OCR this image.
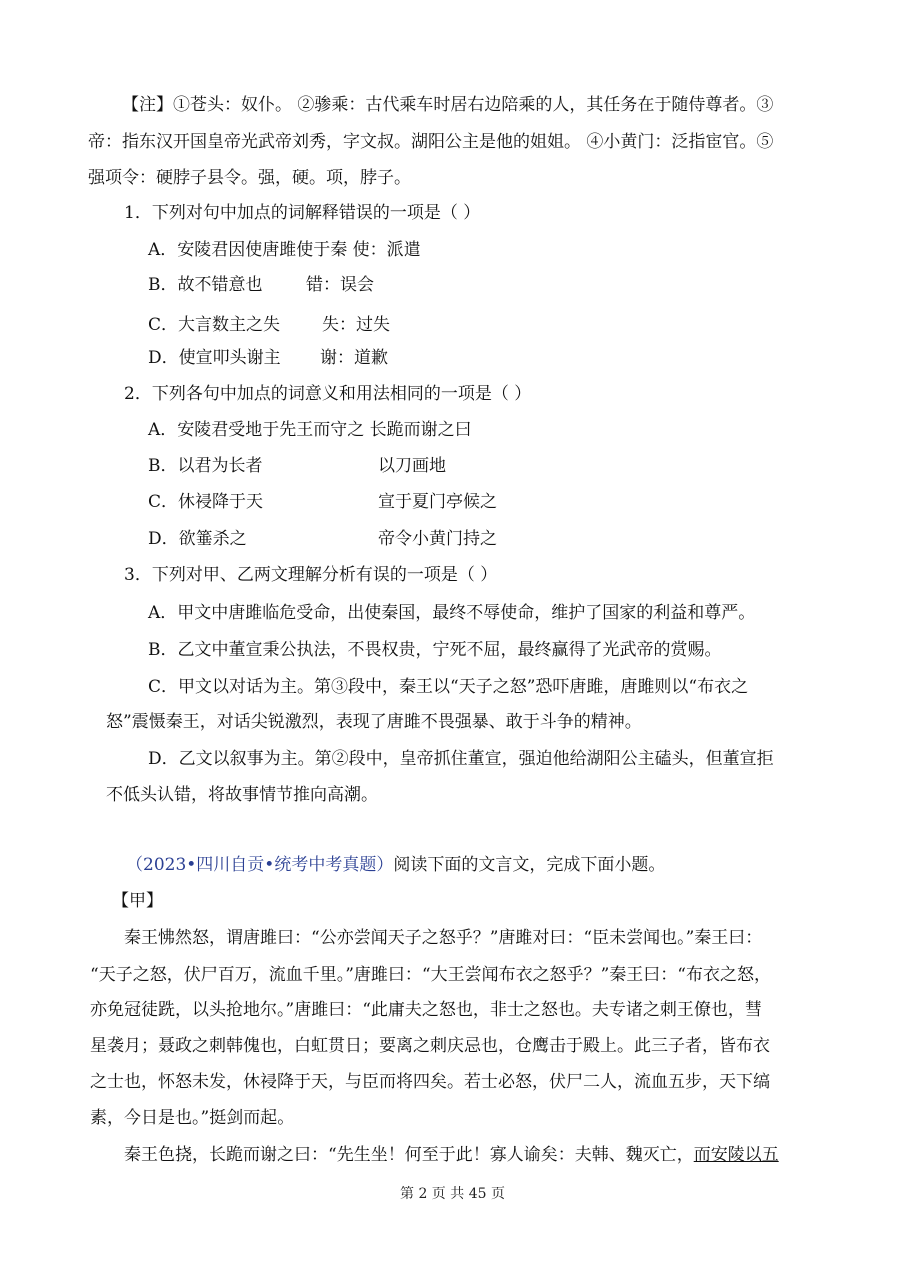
【注】①苍头：奴仆。 ②骖乘：古代乘车时居右边陪乘的人，其任务在于随侍尊者。③
帝：指东汉开国皇帝光武帝刘秀，字文叔。湖阳公主是他的姐姐。 ④小黄门：泛指宦官。⑤
强项令：硬脖子县令。强，硬。项，脖子。
1．下列对句中加点的词解释错误的一项是（ ）
A．安陵君因使唐雎使于秦 使：派遣
B．故不错意也	错：误会
C．大言数主之失 失：过失
D．使宣叩头谢主 谢：道歉
2．下列各句中加点的词意义和用法相同的一项是（ ）
A．安陵君受地于先王而守之 长跪而谢之曰
B．以君为长者	以刀画地
C．休祲降于天	宣于夏门亭候之
D．欲箠杀之	帝令小黄门持之
3．下列对甲、乙两文理解分析有误的一项是（ ）
A．甲文中唐雎临危受命，出使秦国，最终不辱使命，维护了国家的利益和尊严。
B．乙文中董宣秉公执法，不畏权贵，宁死不屈，最终赢得了光武帝的赏赐。
C．甲文以对话为主。第③段中，秦王以“天子之怒”恐吓唐雎，唐雎则以“布衣之
怒”震慑秦王，对话尖锐激烈，表现了唐雎不畏强暴、敢于斗争的精神。
D．乙文以叙事为主。第②段中，皇帝抓住董宣，强迫他给湖阳公主磕头，但董宣拒
不低头认错，将故事情节推向高潮。
（2023•四川自贡•统考中考真题）阅读下面的文言文，完成下面小题。
【甲】
秦王怫然怒，谓唐雎曰：“公亦尝闻天子之怒乎？”唐雎对曰：“臣未尝闻也。”秦王曰：
“天子之怒，伏尸百万，流血千里。”唐雎曰：“大王尝闻布衣之怒乎？”秦王曰：“布衣之怒，
亦免冠徒跣，以头抢地尔。”唐雎曰：“此庸夫之怒也，非士之怒也。夫专诸之刺王僚也，彗
星袭月；聂政之刺韩傀也，白虹贯日；要离之刺庆忌也，仓鹰击于殿上。此三子者，皆布衣
之士也，怀怒未发，休祲降于天，与臣而将四矣。若士必怒，伏尸二人，流血五步，天下缟
素，今日是也。”挺剑而起。
秦王色挠，长跪而谢之曰：“先生坐！何至于此！寡人谕矣：夫韩、魏灭亡，而安陵以五
第 2 页 共 45 页
